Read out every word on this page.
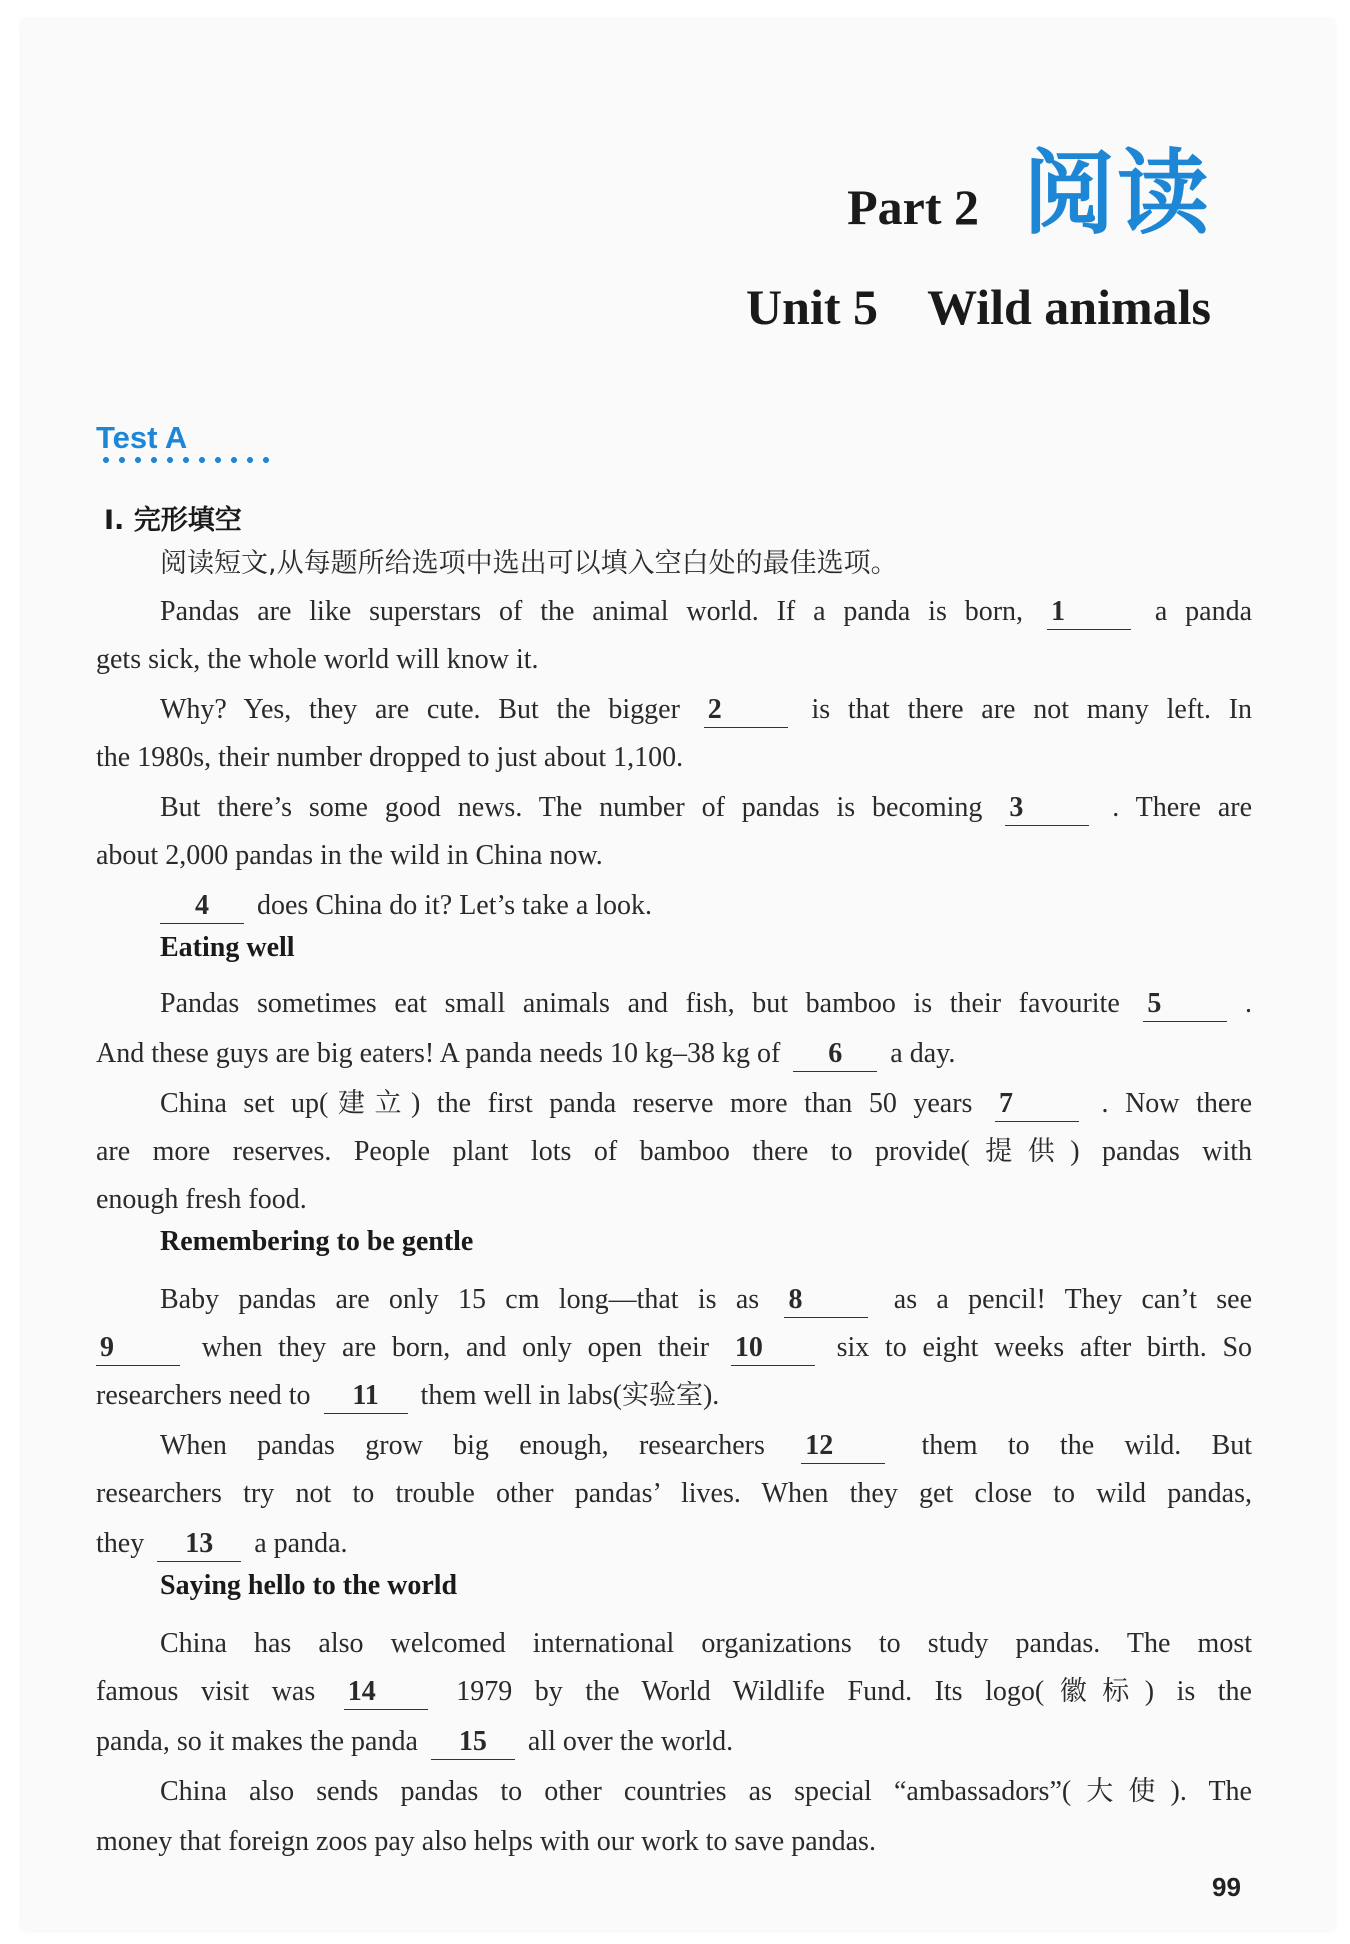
Part 2 阅读
Unit 5    Wild animals
Test A
Ⅰ. 完形填空
阅读短文,从每题所给选项中选出可以填入空白处的最佳选项。
Pandas are like superstars of the animal world. If a panda is born, 1	a panda
gets sick, the whole world will know it.
Why? Yes, they are cute. But the bigger 2	is that there are not many left. In
the 1980s, their number dropped to just about 1,100.
But there’s some good news. The number of pandas is becoming 3	. There are
about 2,000 pandas in the wild in China now.
4 does China do it? Let’s take a look.
Eating well
Pandas sometimes eat small animals and fish, but bamboo is their favourite 5	.
And these guys are big eaters! A panda needs 10 kg–38 kg of 6 a day.
China set up(建立) the first panda reserve more than 50 years 7	. Now there
are more reserves. People plant lots of bamboo there to provide(提供) pandas with
enough fresh food.
Remembering to be gentle
Baby pandas are only 15 cm long—that is as 8	as a pencil! They can’t see
9	when they are born, and only open their 10	six to eight weeks after birth. So
researchers need to 11 them well in labs(实验室).
When pandas grow big enough, researchers 12	them to the wild. But
researchers try not to trouble other pandas’ lives. When they get close to wild pandas,
they 13 a panda.
Saying hello to the world
China has also welcomed international organizations to study pandas. The most
famous visit was 14	1979 by the World Wildlife Fund. Its logo(徽标) is the
panda, so it makes the panda 15 all over the world.
China also sends pandas to other countries as special “ambassadors”(大使). The
money that foreign zoos pay also helps with our work to save pandas.
99
